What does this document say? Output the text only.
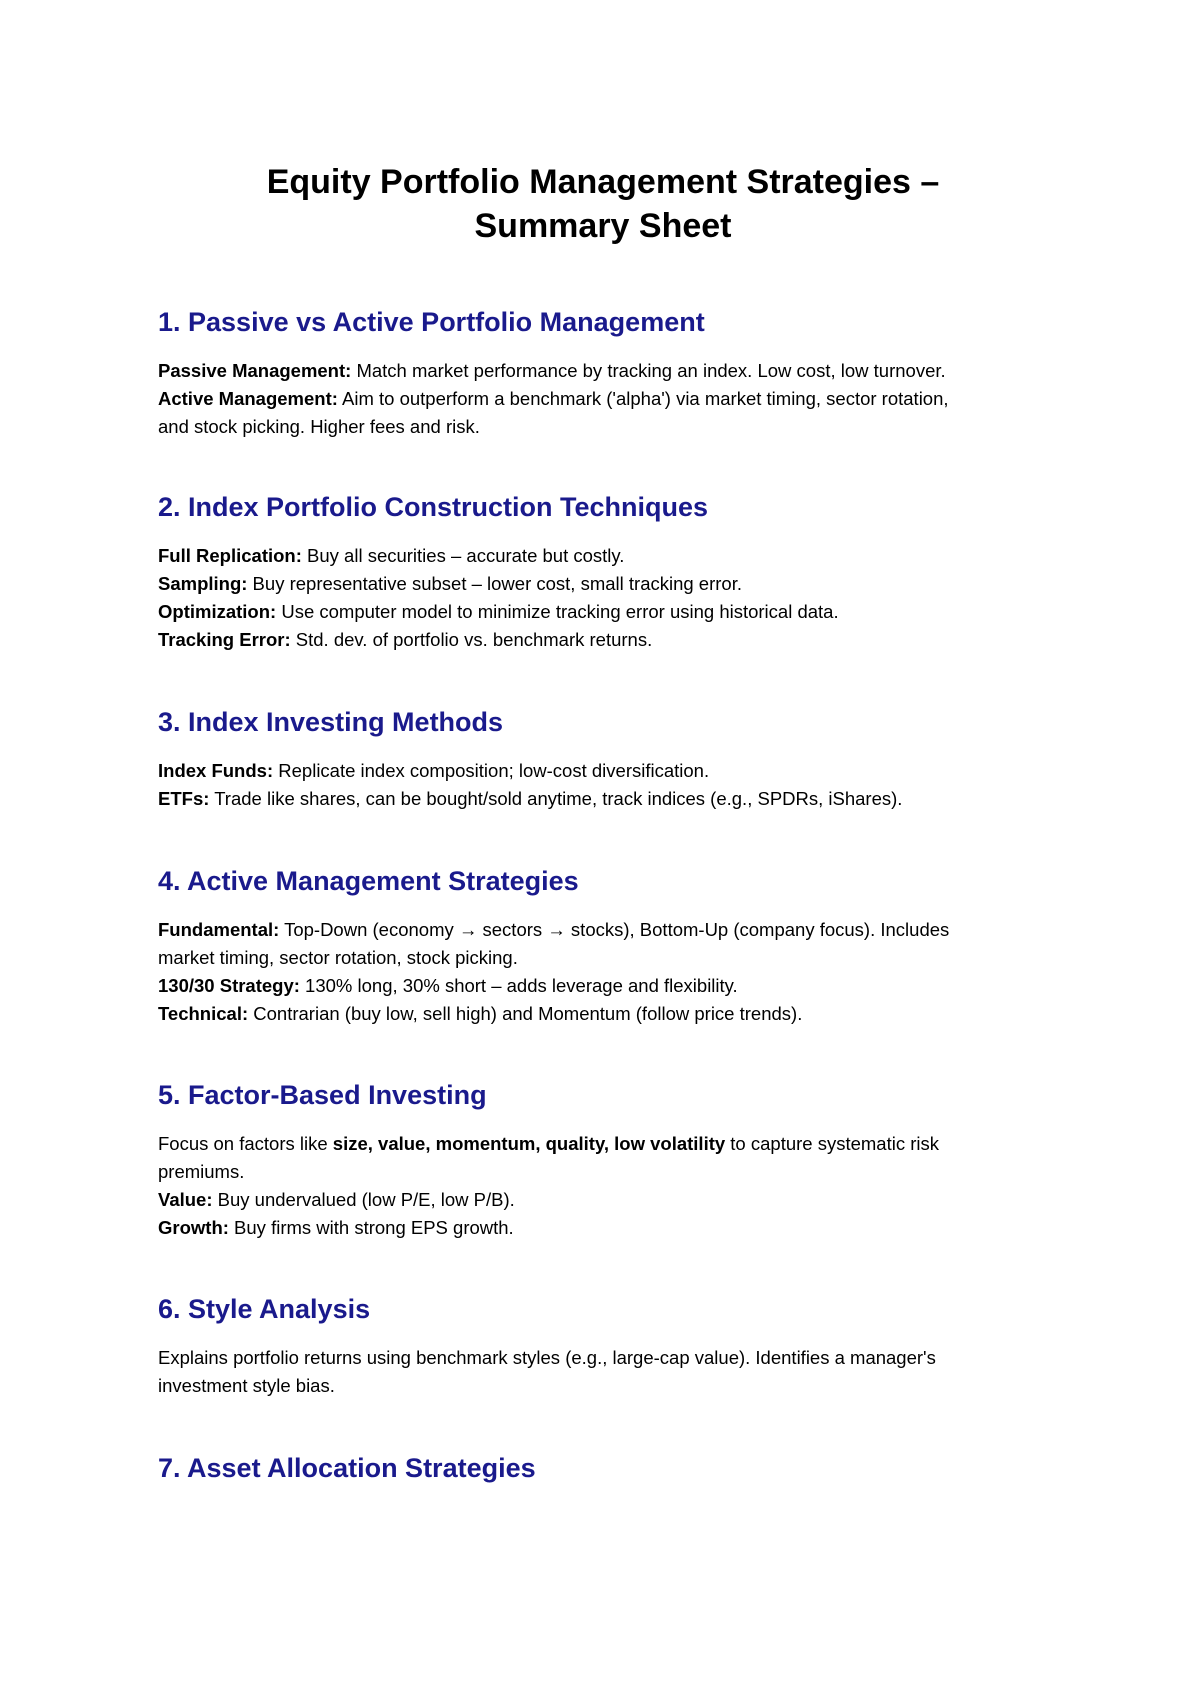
Equity Portfolio Management Strategies –
Summary Sheet
1. Passive vs Active Portfolio Management
Passive Management: Match market performance by tracking an index. Low cost, low turnover.
Active Management: Aim to outperform a benchmark ('alpha') via market timing, sector rotation,
and stock picking. Higher fees and risk.
2. Index Portfolio Construction Techniques
Full Replication: Buy all securities – accurate but costly.
Sampling: Buy representative subset – lower cost, small tracking error.
Optimization: Use computer model to minimize tracking error using historical data.
Tracking Error: Std. dev. of portfolio vs. benchmark returns.
3. Index Investing Methods
Index Funds: Replicate index composition; low-cost diversification.
ETFs: Trade like shares, can be bought/sold anytime, track indices (e.g., SPDRs, iShares).
4. Active Management Strategies
Fundamental: Top-Down (economy → sectors → stocks), Bottom-Up (company focus). Includes
market timing, sector rotation, stock picking.
130/30 Strategy: 130% long, 30% short – adds leverage and flexibility.
Technical: Contrarian (buy low, sell high) and Momentum (follow price trends).
5. Factor-Based Investing
Focus on factors like size, value, momentum, quality, low volatility to capture systematic risk
premiums.
Value: Buy undervalued (low P/E, low P/B).
Growth: Buy firms with strong EPS growth.
6. Style Analysis
Explains portfolio returns using benchmark styles (e.g., large-cap value). Identifies a manager's
investment style bias.
7. Asset Allocation Strategies
